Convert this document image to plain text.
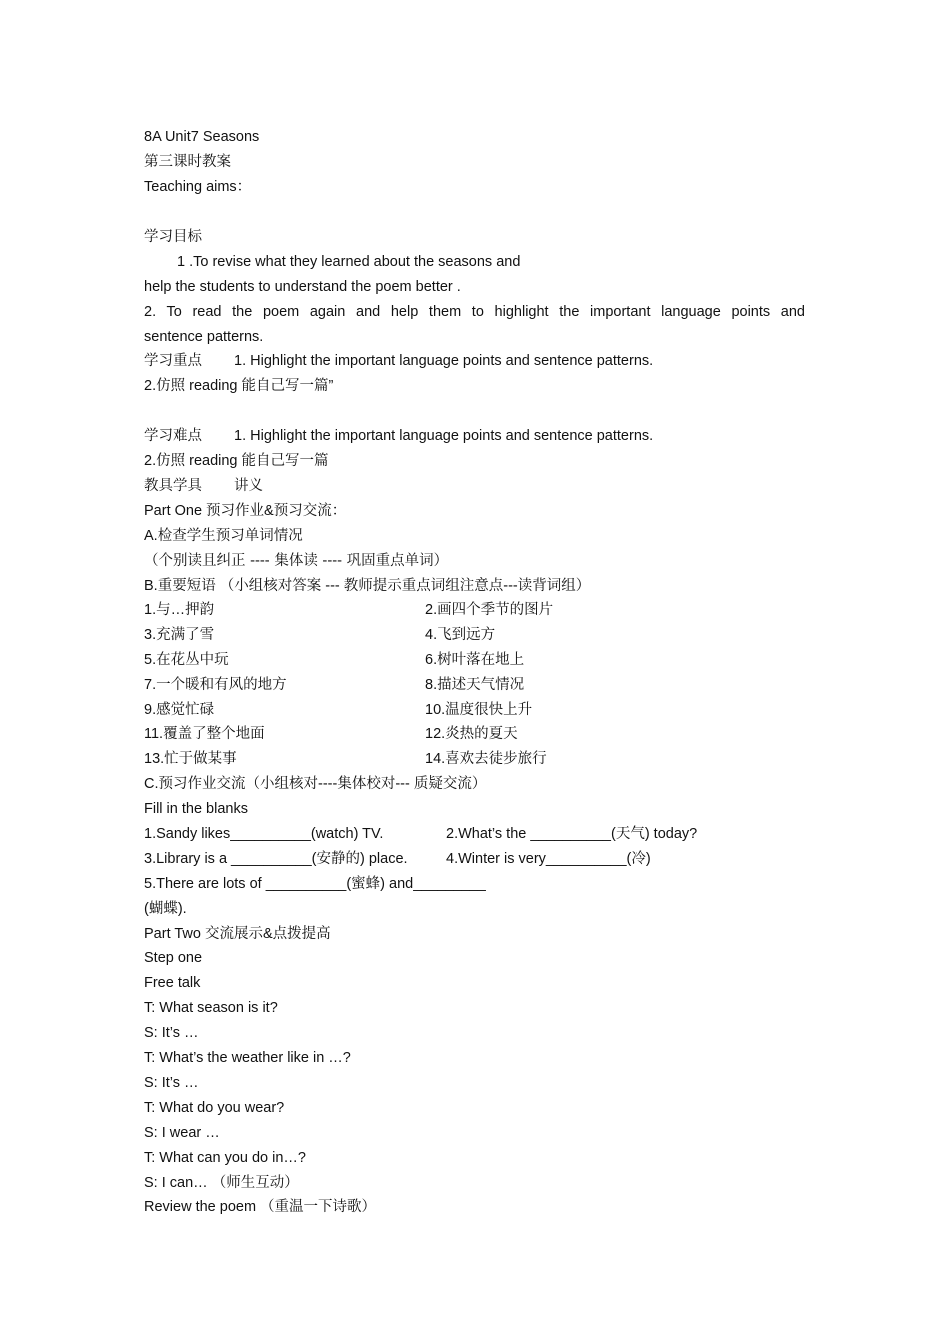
8A Unit7 Seasons
第三课时教案
Teaching aims：
学习目标
1 .To revise what they learned about the seasons and
help the students to understand the poem better .
2. To read the poem again and help them to highlight the important language points and
sentence patterns.
学习重点 1. Highlight the important language points and sentence patterns.
2.仿照 reading 能自己写一篇”
学习难点 1. Highlight the important language points and sentence patterns.
2.仿照 reading 能自己写一篇
教具学具 讲义
Part One 预习作业&预习交流：
A.检查学生预习单词情况
（个别读且纠正 ---- 集体读 ---- 巩固重点单词）
B.重要短语 （小组核对答案 --- 教师提示重点词组注意点---读背词组）
1.与…押韵	2.画四个季节的图片
3.充满了雪	4.飞到远方
5.在花丛中玩	6.树叶落在地上
7.一个暖和有风的地方	8.描述天气情况
9.感觉忙碌	10.温度很快上升
11.覆盖了整个地面	12.炎热的夏天
13.忙于做某事	14.喜欢去徒步旅行
C.预习作业交流（小组核对----集体校对--- 质疑交流）
Fill in the blanks
1.Sandy likes__________(watch) TV.	2.What’s the __________(天气) today?
3.Library is a __________(安静的) place.	4.Winter is very__________(冷)
5.There are lots of __________(蜜蜂) and_________
(蝴蝶).
Part Two 交流展示&点拨提高
Step one
Free talk
T: What season is it?
S: It’s …
T: What’s the weather like in …?
S: It’s …
T: What do you wear?
S: I wear …
T: What can you do in…?
S: I can… （师生互动）
Review the poem （重温一下诗歌）
